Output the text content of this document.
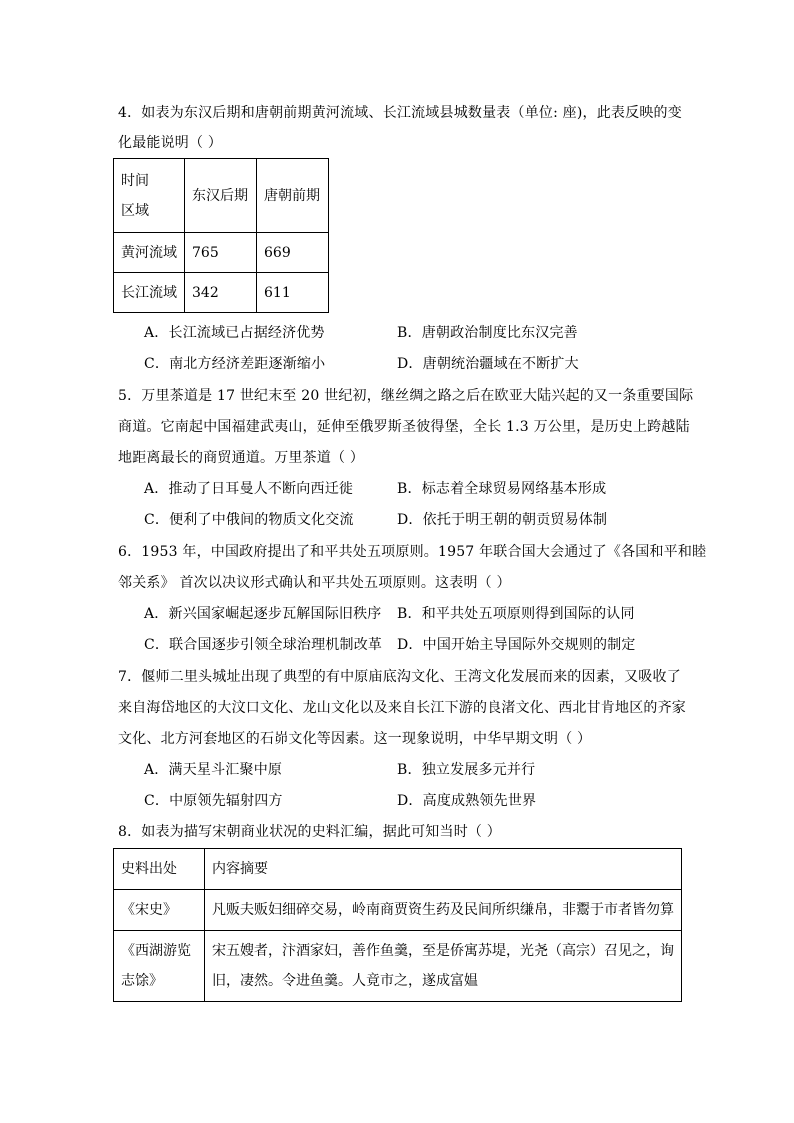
4．如表为东汉后期和唐朝前期黄河流域、长江流域县城数量表（单位: 座)，此表反映的变
化最能说明（ ）
时间
区域	东汉后期	唐朝前期
黄河流域	765	669
长江流域	342	611
A．长江流域已占据经济优势	B．唐朝政治制度比东汉完善
C．南北方经济差距逐渐缩小	D．唐朝统治疆域在不断扩大
5．万里茶道是 17 世纪末至 20 世纪初，继丝绸之路之后在欧亚大陆兴起的又一条重要国际
商道。它南起中国福建武夷山，延伸至俄罗斯圣彼得堡，全长 1.3 万公里，是历史上跨越陆
地距离最长的商贸通道。万里茶道（ ）
A．推动了日耳曼人不断向西迁徙	B．标志着全球贸易网络基本形成
C．便利了中俄间的物质文化交流	D．依托于明王朝的朝贡贸易体制
6．1953 年，中国政府提出了和平共处五项原则。1957 年联合国大会通过了《各国和平和睦
邻关系》 首次以决议形式确认和平共处五项原则。这表明（ ）
A．新兴国家崛起逐步瓦解国际旧秩序 B．和平共处五项原则得到国际的认同
C．联合国逐步引领全球治理机制改革 D．中国开始主导国际外交规则的制定
7．偃师二里头城址出现了典型的有中原庙底沟文化、王湾文化发展而来的因素，又吸收了
来自海岱地区的大汶口文化、龙山文化以及来自长江下游的良渚文化、西北甘肯地区的齐家
文化、北方河套地区的石峁文化等因素。这一现象说明，中华早期文明（ ）
A．满天星斗汇聚中原	B．独立发展多元并行
C．中原领先辐射四方	D．高度成熟领先世界
8．如表为描写宋朝商业状况的史料汇编，据此可知当时（ ）
史料出处	内容摘要
《宋史》	凡贩夫贩妇细碎交易，岭南商贾资生药及民间所织缣帛，非鬻于市者皆勿算

《西湖游览
志馀》	宋五嫂者，汴酒家妇，善作鱼羹，至是侨寓苏堤，光尧（高宗）召见之，询
旧，凄然。令进鱼羹。人竟市之，遂成富媪
